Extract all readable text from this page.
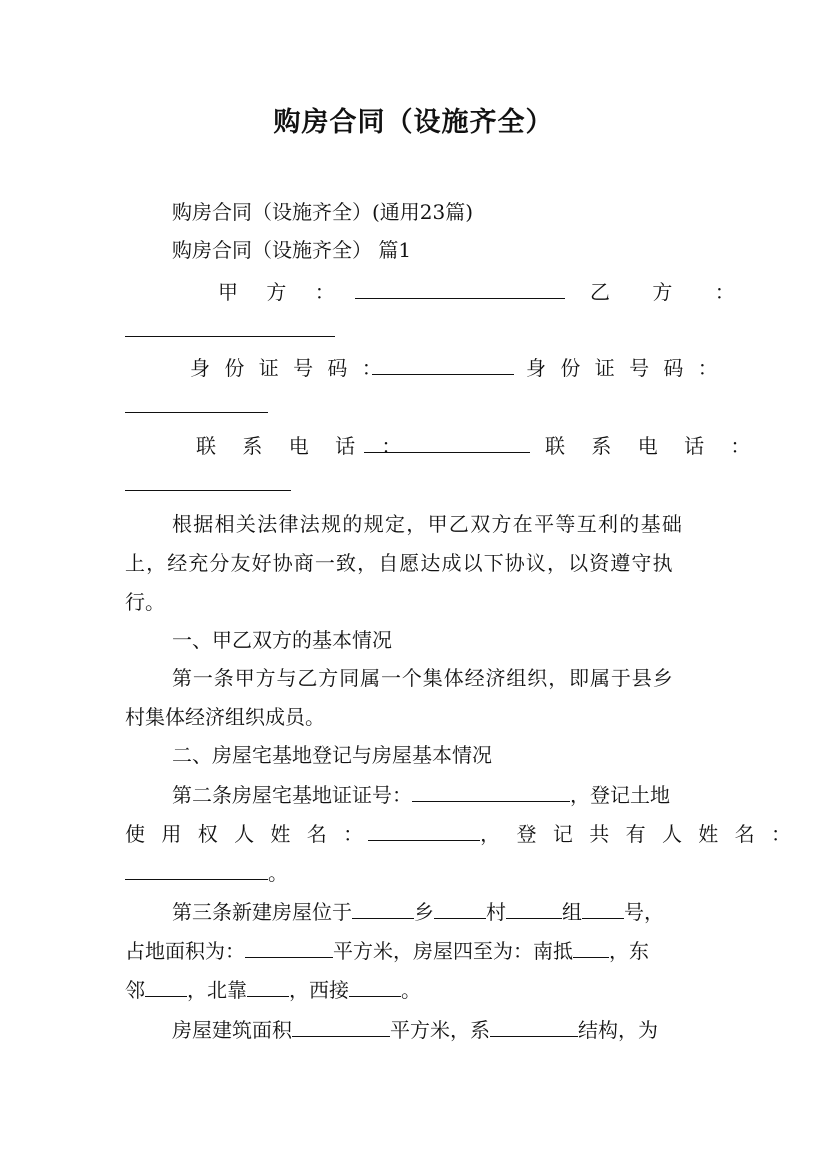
购房合同（设施齐全）
购房合同（设施齐全）(通用23篇)
购房合同（设施齐全） 篇1
甲 方 ：	乙 方 ：
身 份 证 号 码 ：	身 份 证 号 码 ：
联 系 电 话 ：	联 系 电 话 ：
根据相关法律法规的规定，甲乙双方在平等互利的基础
上，经充分友好协商一致，自愿达成以下协议，以资遵守执
行。
一、甲乙双方的基本情况
第一条甲方与乙方同属一个集体经济组织，即属于县乡
村集体经济组织成员。
二、房屋宅基地登记与房屋基本情况
第二条房屋宅基地证证号：	，登记土地
使 用 权 人 姓 名 ：	， 登 记 共 有 人 姓 名 ：
。
第三条新建房屋位于	乡	村	组 号，
占地面积为：	平方米，房屋四至为：南抵 ，东
邻 ，北靠 ，西接	。
房屋建筑面积	平方米，系	结构，为
